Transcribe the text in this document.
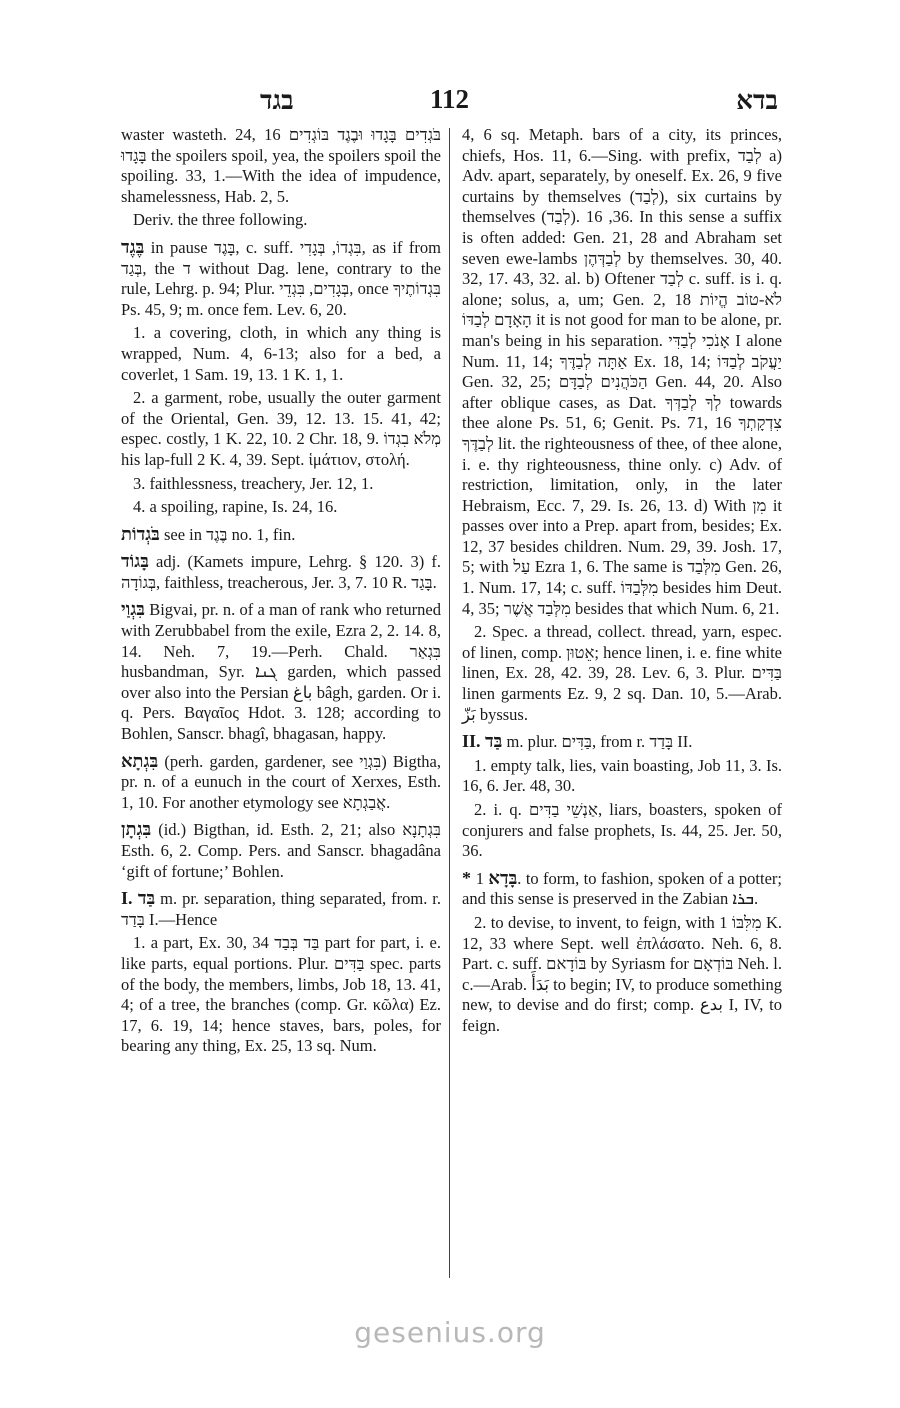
בגד	112	בדא

waster wasteth. 24, 16 בֹּגְדִים בָּגָדוּ וּבֶגֶד בּוֹגְדִים בָּגָדוּ the spoilers spoil, yea, the spoilers spoil the spoiling. 33, 1.—With the idea of impudence, shamelessness, Hab. 2, 5.

Deriv. the three following.

בֶּגֶד in pause בָּגֶד, c. suff. בִּגְדוֹ, בְּגָדִי, as if from בְּגַד, the ד without Dag. lene, contrary to the rule, Lehrg. p. 94; Plur. בְּגָדִים, בִּגְדֵי, once בִּגְדוֹתֶיךָ Ps. 45, 9; m. once fem. Lev. 6, 20.

1. a covering, cloth, in which any thing is wrapped, Num. 4, 6-13; also for a bed, a coverlet, 1 Sam. 19, 13. 1 K. 1, 1.

2. a garment, robe, usually the outer garment of the Oriental, Gen. 39, 12. 13. 15. 41, 42; espec. costly, 1 K. 22, 10. 2 Chr. 18, 9. מְלֹא בִגְדוֹ his lap-full 2 K. 4, 39. Sept. ἱμάτιον, στολή.

3. faithlessness, treachery, Jer. 12, 1.

4. a spoiling, rapine, Is. 24, 16.

בֹּגְדוֹת see in בֶּגֶד no. 1, fin.

בָּגוֹד adj. (Kamets impure, Lehrg. § 120. 3) f. בְּגוֹדָה, faithless, treacherous, Jer. 3, 7. 10 R. בָּגַד.

בִּגְוַי Bigvai, pr. n. of a man of rank who returned with Zerubbabel from the exile, Ezra 2, 2. 14. 8, 14. Neh. 7, 19.—Perh. Chald. בִּגְאַר husbandman, Syr. ܓܢܐ garden, which passed over also into the Persian باغ bâgh, garden. Or i. q. Pers. Βαγαῖος Hdot. 3. 128; according to Bohlen, Sanscr. bhagî, bhagasan, happy.

בִּגְתָא (perh. garden, gardener, see בִּגְוַי) Bigtha, pr. n. of a eunuch in the court of Xerxes, Esth. 1, 10. For another etymology see אֲבַגְתָא.

בִּגְתָן (id.) Bigthan, id. Esth. 2, 21; also בִּגְתָנָא Esth. 6, 2. Comp. Pers. and Sanscr. bhagadâna ‘gift of fortune;’ Bohlen.

I. בַּד m. pr. separation, thing separated, from. r. בָּדַד I.—Hence

1. a part, Ex. 30, 34 בַּד בְּבַד part for part, i. e. like parts, equal portions. Plur. בַּדִּים spec. parts of the body, the members, limbs, Job 18, 13. 41, 4; of a tree, the branches (comp. Gr. κῶλα) Ez. 17, 6. 19, 14; hence staves, bars, poles, for bearing any thing, Ex. 25, 13 sq. Num.

4, 6 sq. Metaph. bars of a city, its princes, chiefs, Hos. 11, 6.—Sing. with prefix, לְבַד a) Adv. apart, separately, by oneself. Ex. 26, 9 five curtains by themselves (לְבַד), six curtains by themselves (לְבַד). 36, 16. In this sense a suffix is often added: Gen. 21, 28 and Abraham set seven ewe-lambs לְבַדְּהֶן by themselves. 30, 40. 32, 17. 43, 32. al. b) Oftener לְבַד c. suff. is i. q. alone; solus, a, um; Gen. 2, 18 לֹא-טוֹב הֱיוֹת הָאָדָם לְבַדּוֹ it is not good for man to be alone, pr. man's being in his separation. אָנֹכִי לְבַדִּי I alone Num. 11, 14; אַתָּה לְבַדֶּךָ Ex. 18, 14; יַעֲקֹב לְבַדּוֹ Gen. 32, 25; הַכֹּהֲנִים לְבַדָּם Gen. 44, 20. Also after oblique cases, as Dat. לְךָ לְבַדְּךָ towards thee alone Ps. 51, 6; Genit. Ps. 71, 16 צִדְקָתְךָ לְבַדֶּךָ lit. the righteousness of thee, of thee alone, i. e. thy righteousness, thine only. c) Adv. of restriction, limitation, only, in the later Hebraism, Ecc. 7, 29. Is. 26, 13. d) With מִן it passes over into a Prep. apart from, besides; Ex. 12, 37 besides children. Num. 29, 39. Josh. 17, 5; with עַל Ezra 1, 6. The same is מִלְּבַד Gen. 26, 1. Num. 17, 14; c. suff. מִלְּבַדּוֹ besides him Deut. 4, 35; מִלְּבַד אֲשֶׁר besides that which Num. 6, 21.

2. Spec. a thread, collect. thread, yarn, espec. of linen, comp. אֵטוּן; hence linen, i. e. fine white linen, Ex. 28, 42. 39, 28. Lev. 6, 3. Plur. בַּדִּים linen garments Ez. 9, 2 sq. Dan. 10, 5.—Arab. بَزّ byssus.

II. בַּד m. plur. בַּדִּים, from r. בָּדַד II.

1. empty talk, lies, vain boasting, Job 11, 3. Is. 16, 6. Jer. 48, 30.

2. i. q. אַנְשֵׁי בַדִּים, liars, boasters, spoken of conjurers and false prophets, Is. 44, 25. Jer. 50, 36.

* בָּדָא 1. to form, to fashion, spoken of a potter; and this sense is preserved in the Zabian ܒܪܐ.

2. to devise, to invent, to feign, with מִלִּבּוֹ 1 K. 12, 33 where Sept. well ἐπλάσατο. Neh. 6, 8. Part. c. suff. בּוֹדָאם by Syriasm for בּוֹדְאָם Neh. l. c.—Arab. بَدَأَ to begin; IV, to produce something new, to devise and do first; comp. بدع I, IV, to feign.

gesenius.org
